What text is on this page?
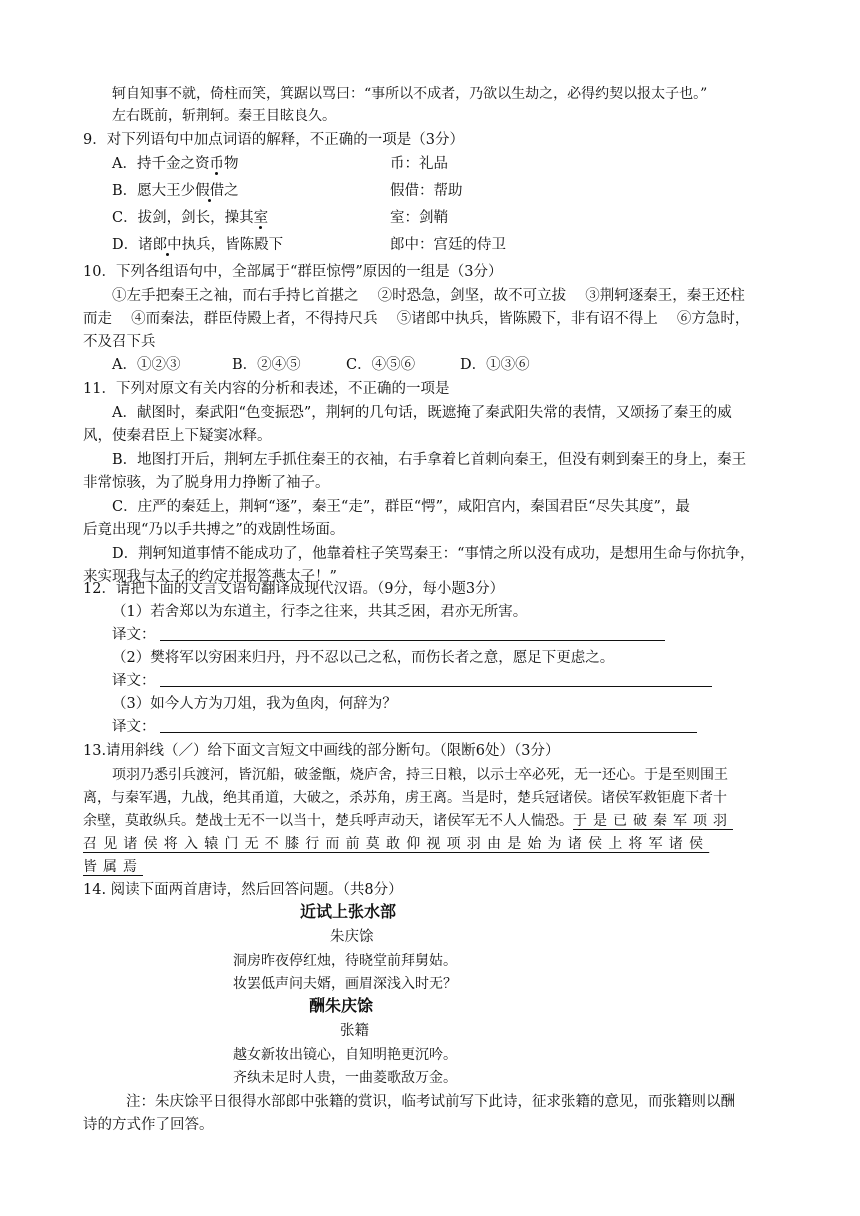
轲自知事不就，倚柱而笑，箕踞以骂曰：“事所以不成者，乃欲以生劫之，必得约契以报太子也。”
左右既前，斩荆轲。秦王目眩良久。
9．对下列语句中加点词语的解释，不正确的一项是（3分）
A．持千金之资币物	币：礼品
B．愿大王少假借之	假借：帮助
C．拔剑，剑长，操其室	室：剑鞘
D．诸郎中执兵，皆陈殿下	郎中：宫廷的侍卫
10．下列各组语句中，全部属于“群臣惊愕”原因的一组是（3分）
①左手把秦王之袖，而右手持匕首揕之　 ②时恐急，剑坚，故不可立拔　 ③荆轲逐秦王，秦王还柱
而走　 ④而秦法，群臣侍殿上者，不得持尺兵　 ⑤诸郎中执兵，皆陈殿下，非有诏不得上　 ⑥方急时，
不及召下兵
A．①②③	B．②④⑤	C．④⑤⑥	D．①③⑥
11．下列对原文有关内容的分析和表述，不正确的一项是
A．献图时，秦武阳“色变振恐”，荆轲的几句话，既遮掩了秦武阳失常的表情，又颂扬了秦王的威
风，使秦君臣上下疑窦冰释。
B．地图打开后，荆轲左手抓住秦王的衣袖，右手拿着匕首刺向秦王，但没有刺到秦王的身上，秦王
非常惊骇，为了脱身用力挣断了袖子。
C．庄严的秦廷上，荆轲“逐”，秦王“走”，群臣“愕”，咸阳宫内，秦国君臣“尽失其度”，最
后竟出现“乃以手共搏之”的戏剧性场面。
D．荆轲知道事情不能成功了，他靠着柱子笑骂秦王：“事情之所以没有成功，是想用生命与你抗争，
来实现我与太子的约定并报答燕太子！”
12．请把下面的文言文语句翻译成现代汉语。（9分，每小题3分）
（1）若舍郑以为东道主，行李之往来，共其乏困，君亦无所害。
译文：
（2）樊将军以穷困来归丹，丹不忍以己之私，而伤长者之意，愿足下更虑之。
译文：
（3）如今人方为刀俎，我为鱼肉，何辞为？
译文：
13.请用斜线（／）给下面文言短文中画线的部分断句。（限断6处）（3分）
项羽乃悉引兵渡河，皆沉船，破釜甑，烧庐舍，持三日粮，以示士卒必死，无一还心。于是至则围王
离，与秦军遇，九战，绝其甬道，大破之，杀苏角，虏王离。当是时，楚兵冠诸侯。诸侯军救钜鹿下者十
余壁，莫敢纵兵。楚战士无不一以当十，楚兵呼声动天，诸侯军无不人人惴恐。于是已破秦军项羽
召见诸侯将入辕门无不膝行而前莫敢仰视项羽由是始为诸侯上将军诸侯
皆属焉
14. 阅读下面两首唐诗，然后回答问题。（共8分）
近试上张水部
朱庆馀
洞房昨夜停红烛，待晓堂前拜舅姑。
妆罢低声问夫婿，画眉深浅入时无？
酬朱庆馀
张籍
越女新妆出镜心，自知明艳更沉吟。
齐纨未足时人贵，一曲菱歌敌万金。
注：朱庆馀平日很得水部郎中张籍的赏识，临考试前写下此诗，征求张籍的意见，而张籍则以酬
诗的方式作了回答。
